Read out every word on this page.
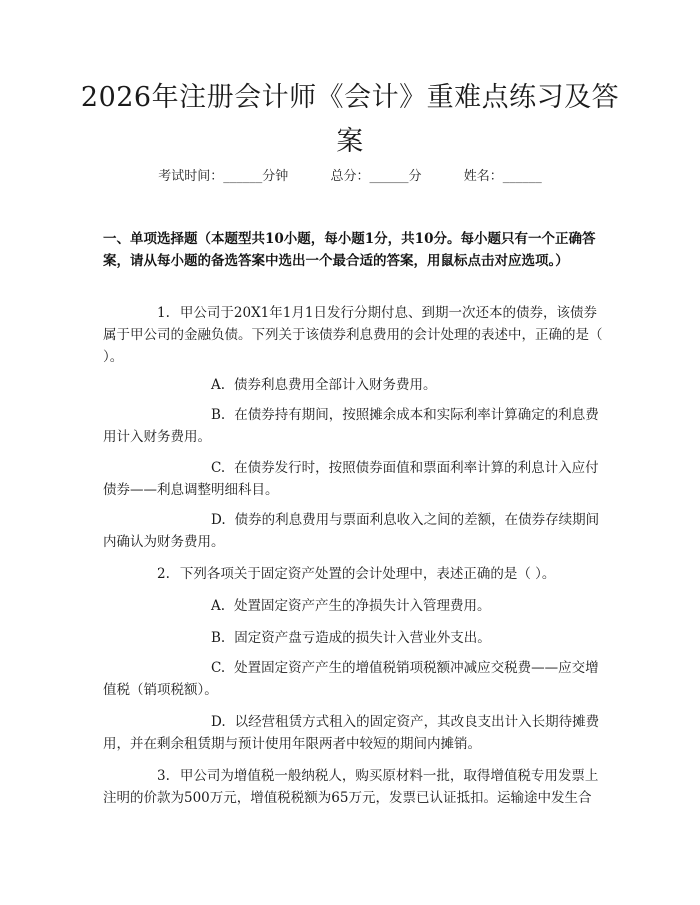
2026年注册会计师《会计》重难点练习及答
案
考试时间：______分钟	总分：______分	姓名：______
一、单项选择题（本题型共10小题，每小题1分，共10分。每小题只有一个正确答案，请从每小题的备选答案中选出一个最合适的答案，用鼠标点击对应选项。）
1. 甲公司于20X1年1月1日发行分期付息、到期一次还本的债券，该债券属于甲公司的金融负债。下列关于该债券利息费用的会计处理的表述中，正确的是（ ）。
A. 债券利息费用全部计入财务费用。
B. 在债券持有期间，按照摊余成本和实际利率计算确定的利息费用计入财务费用。
C. 在债券发行时，按照债券面值和票面利率计算的利息计入应付债券——利息调整明细科目。
D. 债券的利息费用与票面利息收入之间的差额，在债券存续期间内确认为财务费用。
2. 下列各项关于固定资产处置的会计处理中，表述正确的是（ ）。
A. 处置固定资产产生的净损失计入管理费用。
B. 固定资产盘亏造成的损失计入营业外支出。
C. 处置固定资产产生的增值税销项税额冲减应交税费——应交增值税（销项税额）。
D. 以经营租赁方式租入的固定资产，其改良支出计入长期待摊费用，并在剩余租赁期与预计使用年限两者中较短的期间内摊销。
3. 甲公司为增值税一般纳税人，购买原材料一批，取得增值税专用发票上注明的价款为500万元，增值税税额为65万元，发票已认证抵扣。运输途中发生合
